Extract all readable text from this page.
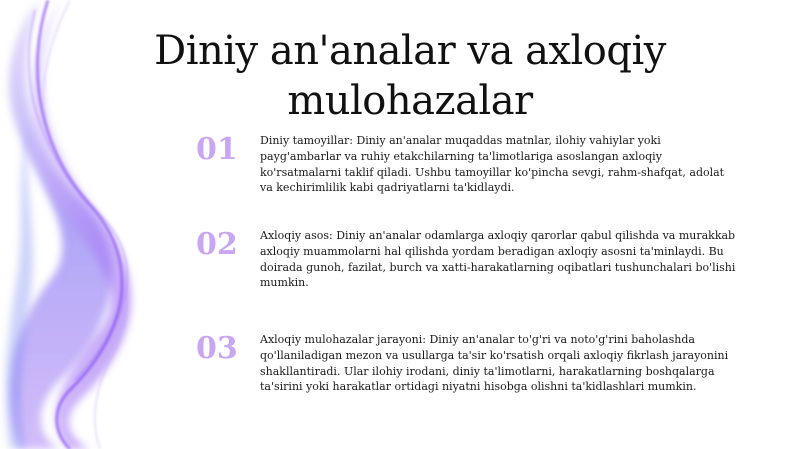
Diniy an'analar va axloqiy mulohazalar
01	Diniy tamoyillar: Diniy an'analar muqaddas matnlar, ilohiy vahiylar yoki payg'ambarlar va ruhiy etakchilarning ta'limotlariga asoslangan axloqiy ko'rsatmalarni taklif qiladi. Ushbu tamoyillar ko'pincha sevgi, rahm-shafqat, adolat va kechirimlilik kabi qadriyatlarni ta'kidlaydi.

02	Axloqiy asos: Diniy an'analar odamlarga axloqiy qarorlar qabul qilishda va murakkab axloqiy muammolarni hal qilishda yordam beradigan axloqiy asosni ta'minlaydi. Bu doirada gunoh, fazilat, burch va xatti-harakatlarning oqibatlari tushunchalari bo'lishi mumkin.

03	Axloqiy mulohazalar jarayoni: Diniy an'analar to'g'ri va noto'g'rini baholashda qo'llaniladigan mezon va usullarga ta'sir ko'rsatish orqali axloqiy fikrlash jarayonini shakllantiradi. Ular ilohiy irodani, diniy ta'limotlarni, harakatlarning boshqalarga ta'sirini yoki harakatlar ortidagi niyatni hisobga olishni ta'kidlashlari mumkin.
